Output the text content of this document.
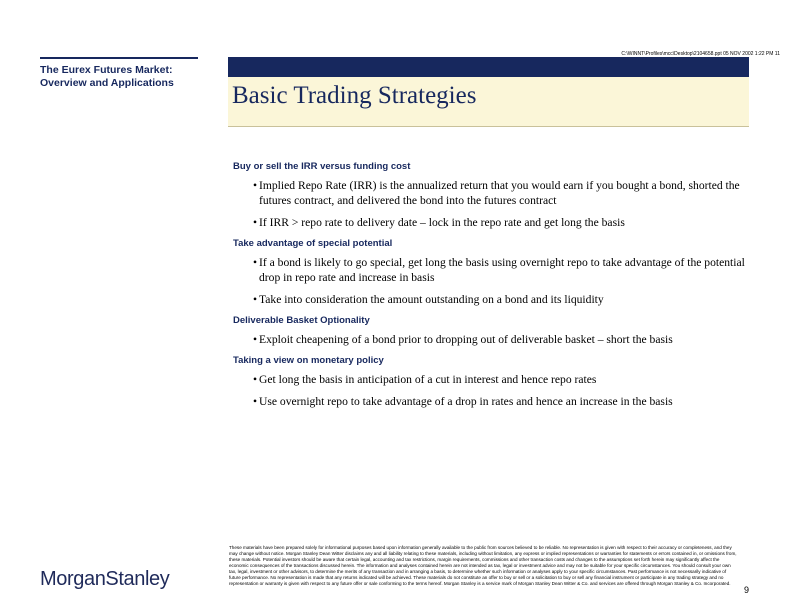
C:\WINNT\Profiles\mcc\Desktop\2104658.ppt 05 NOV 2002 1:22 PM 11
The Eurex Futures Market:
Overview and Applications	Basic Trading Strategies
Buy or sell the IRR versus funding cost
• Implied Repo Rate (IRR) is the annualized return that you would earn if you bought a bond, shorted the futures contract, and delivered the bond into the futures contract
• If IRR > repo rate to delivery date – lock in the repo rate and get long the basis
Take advantage of special potential
• If a bond is likely to go special, get long the basis using overnight repo to take advantage of the potential drop in repo rate and increase in basis
• Take into consideration the amount outstanding on a bond and its liquidity
Deliverable Basket Optionality
• Exploit cheapening of a bond prior to dropping out of deliverable basket – short the basis
Taking a view on monetary policy
• Get long the basis in anticipation of a cut in interest and hence repo rates
• Use overnight repo to take advantage of a drop in rates and hence an increase in the basis

These materials have been prepared solely for informational purposes based upon information generally available to the public from sources believed to be reliable. No representation is given with respect to their accuracy or completeness, and they may change without notice. Morgan Stanley Dean Witter disclaims any and all liability relating to these materials, including without limitation, any express or implied representations or warranties for statements or errors contained in, or omissions from, these materials. Potential investors should be aware that certain legal, accounting and tax restrictions, margin requirements, commissions and other transaction costs and changes to the assumptions set forth herein may significantly affect the economic consequences of the transactions discussed herein. The information and analyses contained herein are not intended as tax, legal or investment advice and may not be suitable for your specific circumstances. You should consult your own tax, legal, investment or other advisors, to determine the merits of any transaction and in arranging a basis, to determine whether such information or analyses apply to your specific circumstances. Past performance is not necessarily indicative of future performance. No representation is made that any returns indicated will be achieved. These materials do not constitute an offer to buy or sell or a solicitation to buy or sell any financial instrument or participate in any trading strategy and no representation or warranty is given with respect to any future offer or sale conforming to the terms hereof. Morgan Stanley is a service mark of Morgan Stanley Dean Witter & Co. and services are offered through Morgan Stanley & Co. Incorporated.

MorganStanley	9
